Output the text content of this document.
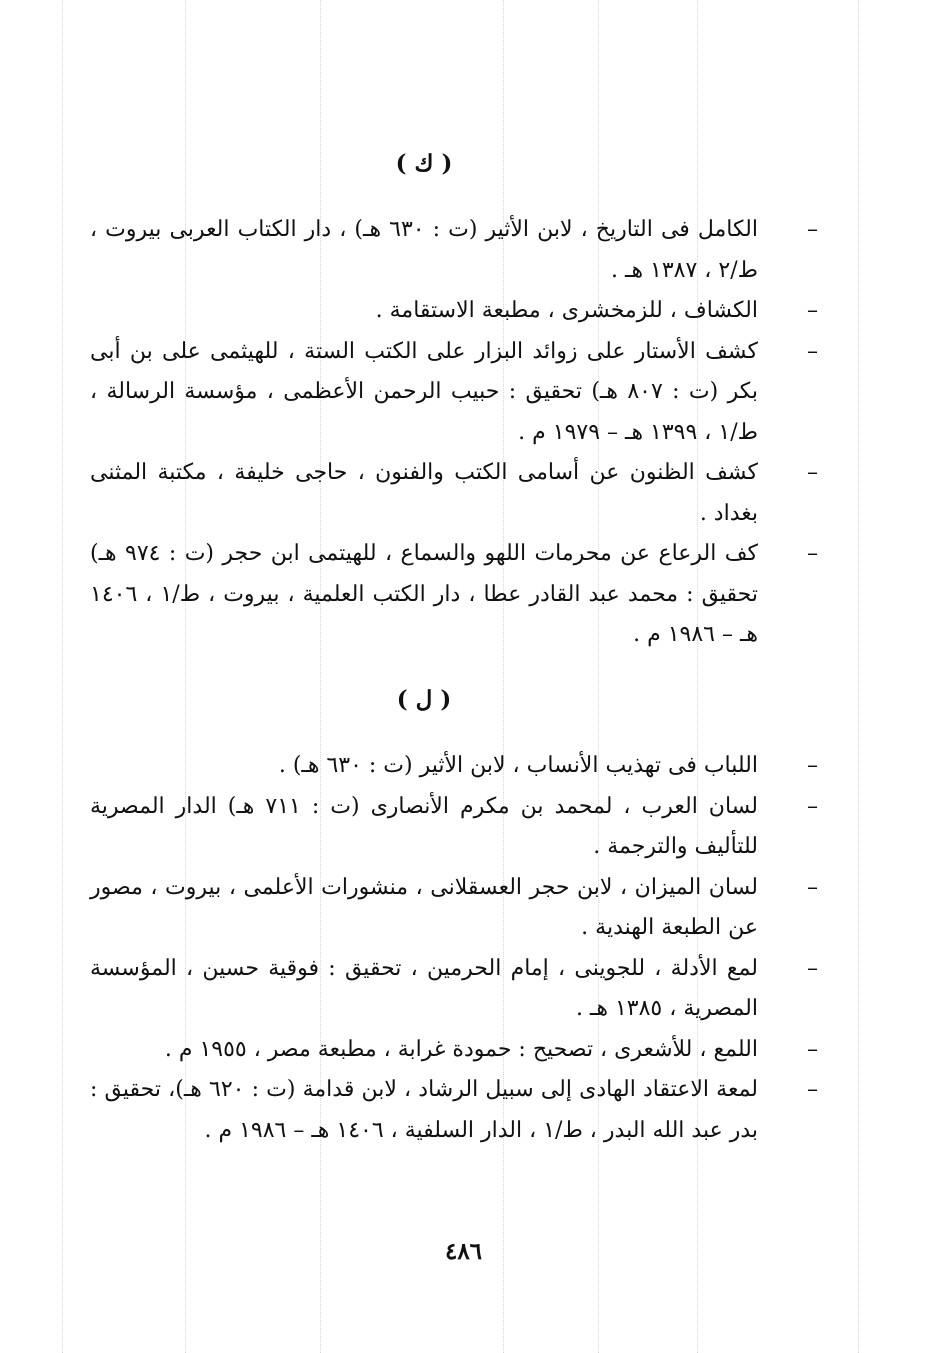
( ك )
–
الكامل فى التاريخ ، لابن الأثير (ت : ٦٣٠ هـ) ، دار الكتاب العربى بيروت ، ط/٢ ، ١٣٨٧ هـ .
–
الكشاف ، للزمخشرى ، مطبعة الاستقامة .
–
كشف الأستار على زوائد البزار على الكتب الستة ، للهيثمى على بن أبى بكر (ت : ٨٠٧ هـ) تحقيق : حبيب الرحمن الأعظمى ، مؤسسة الرسالة ، ط/١ ، ١٣٩٩ هـ – ١٩٧٩ م .
–
كشف الظنون عن أسامى الكتب والفنون ، حاجى خليفة ، مكتبة المثنى بغداد .
–
كف الرعاع عن محرمات اللهو والسماع ، للهيتمى ابن حجر (ت : ٩٧٤ هـ) تحقيق : محمد عبد القادر عطا ، دار الكتب العلمية ، بيروت ، ط/١ ، ١٤٠٦ هـ – ١٩٨٦ م .
( ل )
–
اللباب فى تهذيب الأنساب ، لابن الأثير (ت : ٦٣٠ هـ) .
–
لسان العرب ، لمحمد بن مكرم الأنصارى (ت : ٧١١ هـ) الدار المصرية للتأليف والترجمة .
–
لسان الميزان ، لابن حجر العسقلانى ، منشورات الأعلمى ، بيروت ، مصور عن الطبعة الهندية .
–
لمع الأدلة ، للجوينى ، إمام الحرمين ، تحقيق : فوقية حسين ، المؤسسة المصرية ، ١٣٨٥ هـ .
–
اللمع ، للأشعرى ، تصحيح : حمودة غرابة ، مطبعة مصر ، ١٩٥٥ م .
–
لمعة الاعتقاد الهادى إلى سبيل الرشاد ، لابن قدامة (ت : ٦٢٠ هـ)، تحقيق : بدر عبد الله البدر ، ط/١ ، الدار السلفية ، ١٤٠٦ هـ – ١٩٨٦ م .
٤٨٦
